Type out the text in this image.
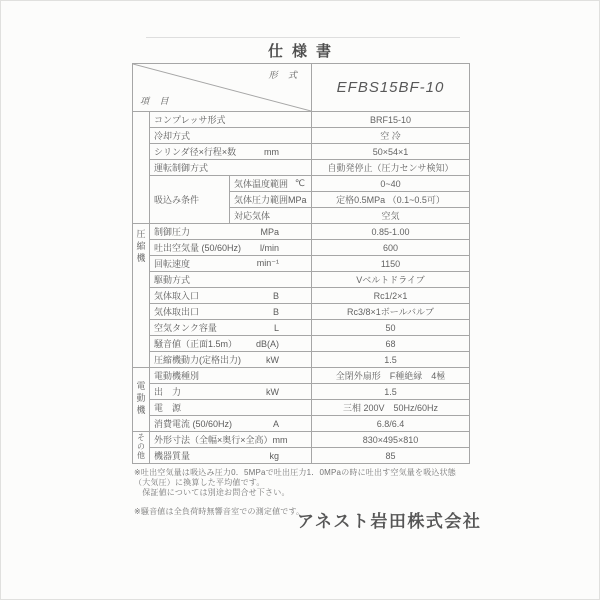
仕様書
形 式
項 目			EFBS15BF-10

	コンプレッサ形式		BRF15-10

	冷却方式		空 冷

	シリンダ径×行程×数 mm		50×54×1

	運転制御方式		自動発停止（圧力センサ検知）
	吸込み条件	気体温度範囲 ℃	0~40

		気体圧力範囲 MPa	定格0.5MPa （0.1~0.5可）

		対応気体	空気
圧縮機	制御圧力 MPa		0.85-1.00

	吐出空気量 (50/60Hz) l/min		600

	回転速度 min⁻¹		1150

	駆動方式		Vベルトドライブ

	気体取入口 B		Rc1/2×1

	気体取出口 B		Rc3/8×1ボールバルブ

	空気タンク容量 L		50

	騒音値（正面1.5m） dB(A)		68

	圧縮機動力(定格出力) kW		1.5
電動機	電動機種別		全閉外扇形　F種絶縁　4極

	出　力 kW		1.5

	電　源		三相 200V　50Hz/60Hz

	消費電流 (50/60Hz) A		6.8/6.4
その他	外形寸法（全幅×奥行×全高） mm		830×495×810

	機器質量 kg		85
※吐出空気量は吸込み圧力0．5MPaで吐出圧力1．0MPaの時に吐出す空気量を吸込状態
（大気圧）に換算した平均値です。
　保証値については別途お問合せ下さい。
※騒音値は全負荷時無響音室での測定値です。
アネスト岩田株式会社
